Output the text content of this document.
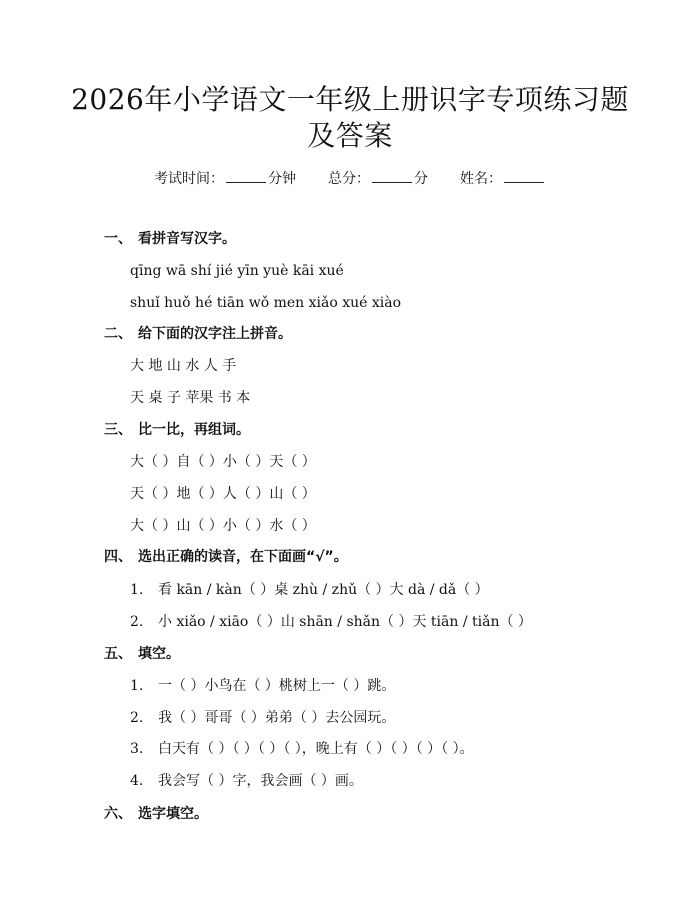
2026年小学语文一年级上册识字专项练习题
及答案
考试时间：	分钟 总分：	分 姓名：
一、 看拼音写汉字。
qīng wā shí jié yīn yuè kāi xué
shuǐ huǒ hé tiān wǒ men xiǎo xué xiào
二、 给下面的汉字注上拼音。
大 地 山 水 人 手
天 桌 子 苹果 书 本
三、 比一比，再组词。
大（ ）自（ ）小（ ）天（ ）
天（ ）地（ ）人（ ）山（ ）
大（ ）山（ ）小（ ）水（ ）
四、 选出正确的读音，在下面画“√”。
1. 看 kān / kàn（ ）桌 zhù / zhǔ（ ）大 dà / dǎ（ ）
2. 小 xiǎo / xiāo（ ）山 shān / shǎn（ ）天 tiān / tiǎn（ ）
五、 填空。
1. 一（ ）小鸟在（ ）桃树上一（ ）跳。
2. 我（ ）哥哥（ ）弟弟（ ）去公园玩。
3. 白天有（ ）（ ）（ ）（ ），晚上有（ ）（ ）（ ）（ ）。
4. 我会写（ ）字，我会画（ ）画。
六、 选字填空。
